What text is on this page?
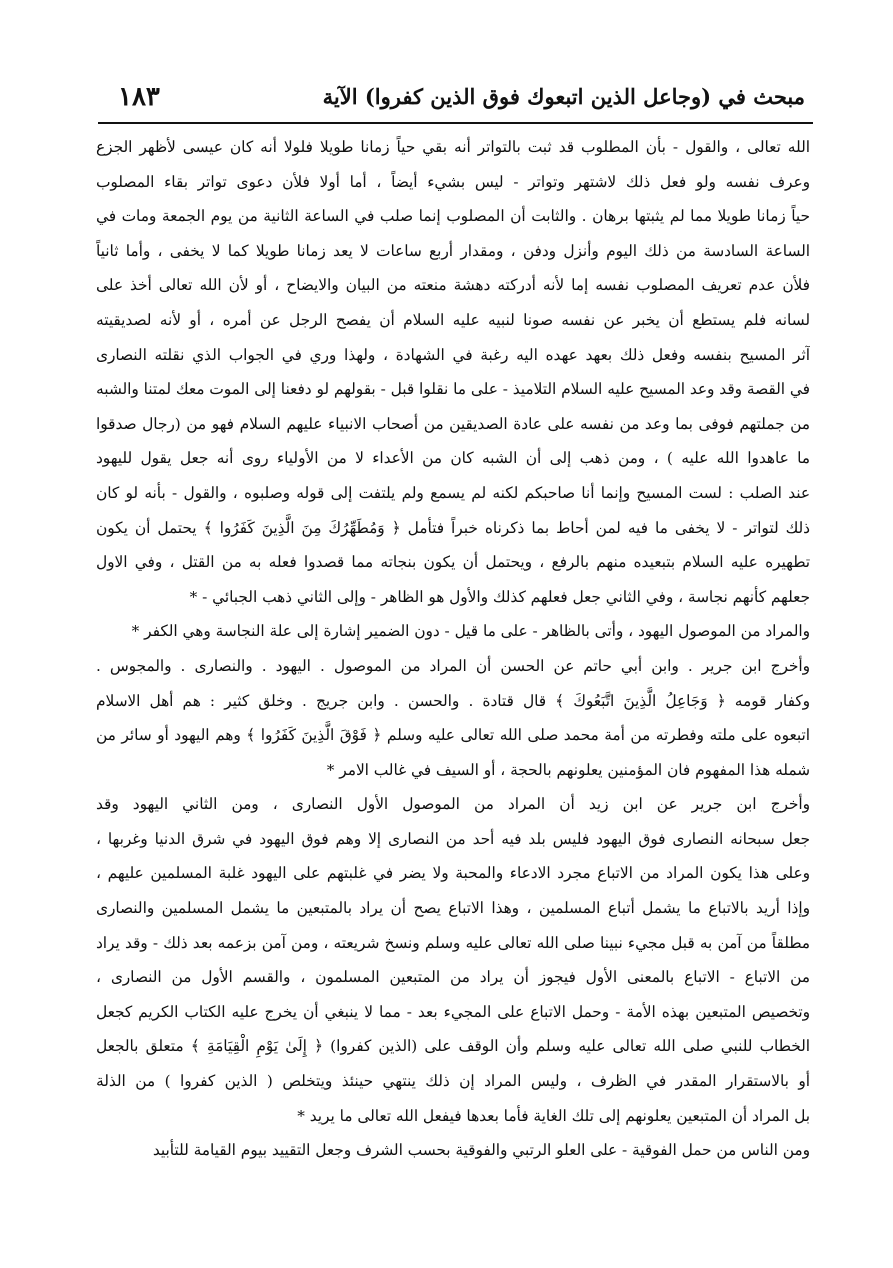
مبحث في (وجاعل الذين اتبعوك فوق الذين كفروا) الآية
١٨٣
الله تعالى ، والقول - بأن المطلوب قد ثبت بالتواتر أنه بقي حياً زمانا طويلا فلولا أنه كان عيسى لأظهر الجزع
وعرف نفسه ولو فعل ذلك لاشتهر وتواتر - ليس بشيء أيضاً ، أما أولا فلأن دعوى تواتر بقاء المصلوب
حياً زمانا طويلا مما لم يثبتها برهان . والثابت أن المصلوب إنما صلب في الساعة الثانية من يوم الجمعة ومات في
الساعة السادسة من ذلك اليوم وأنزل ودفن ، ومقدار أربع ساعات لا يعد زمانا طويلا كما لا يخفى ، وأما ثانياً
فلأن عدم تعريف المصلوب نفسه إما لأنه أدركته دهشة منعته من البيان والايضاح ، أو لأن الله تعالى أخذ على
لسانه فلم يستطع أن يخبر عن نفسه صونا لنبيه عليه السلام أن يفصح الرجل عن أمره ، أو لأنه لصديقيته
آثر المسيح بنفسه وفعل ذلك بعهد عهده اليه رغبة في الشهادة ، ولهذا وري في الجواب الذي نقلته النصارى
في القصة وقد وعد المسيح عليه السلام التلاميذ - على ما نقلوا قبل - بقولهم لو دفعنا إلى الموت معك لمتنا والشبه
من جملتهم فوفى بما وعد من نفسه على عادة الصديقين من أصحاب الانبياء عليهم السلام فهو من (رجال صدقوا
ما عاهدوا الله عليه ) ، ومن ذهب إلى أن الشبه كان من الأعداء لا من الأولياء روى أنه جعل يقول لليهود
عند الصلب : لست المسيح وإنما أنا صاحبكم لكنه لم يسمع ولم يلتفت إلى قوله وصلبوه ، والقول - بأنه لو كان
ذلك لتواتر - لا يخفى ما فيه لمن أحاط بما ذكرناه خبراً فتأمل ﴿ وَمُطَهِّرُكَ مِنَ الَّذِينَ كَفَرُوا ﴾ يحتمل أن يكون
تطهيره عليه السلام بتبعيده منهم بالرفع ، ويحتمل أن يكون بنجاته مما قصدوا فعله به من القتل ، وفي الاول
جعلهم كأنهم نجاسة ، وفي الثاني جعل فعلهم كذلك والأول هو الظاهر - وإلى الثاني ذهب الجبائي - *
والمراد من الموصول اليهود ، وأتى بالظاهر - على ما قيل - دون الضمير إشارة إلى علة النجاسة وهي الكفر *
وأخرج ابن جرير . وابن أبي حاتم عن الحسن أن المراد من الموصول . اليهود . والنصارى . والمجوس .
وكفار قومه ﴿ وَجَاعِلُ الَّذِينَ اتَّبَعُوكَ ﴾ قال قتادة . والحسن . وابن جريج . وخلق كثير : هم أهل الاسلام
اتبعوه على ملته وفطرته من أمة محمد صلى الله تعالى عليه وسلم ﴿ فَوْقَ الَّذِينَ كَفَرُوا ﴾ وهم اليهود أو سائر من
شمله هذا المفهوم فان المؤمنين يعلونهم بالحجة ، أو السيف في غالب الامر *
وأخرج ابن جرير عن ابن زيد أن المراد من الموصول الأول النصارى ، ومن الثاني اليهود وقد
جعل سبحانه النصارى فوق اليهود فليس بلد فيه أحد من النصارى إلا وهم فوق اليهود في شرق الدنيا وغربها ،
وعلى هذا يكون المراد من الاتباع مجرد الادعاء والمحبة ولا يضر في غلبتهم على اليهود غلبة المسلمين عليهم ،
وإذا أريد بالاتباع ما يشمل أتباع المسلمين ، وهذا الاتباع يصح أن يراد بالمتبعين ما يشمل المسلمين والنصارى
مطلقاً من آمن به قبل مجيء نبينا صلى الله تعالى عليه وسلم ونسخ شريعته ، ومن آمن بزعمه بعد ذلك - وقد يراد
من الاتباع - الاتباع بالمعنى الأول فيجوز أن يراد من المتبعين المسلمون ، والقسم الأول من النصارى ،
وتخصيص المتبعين بهذه الأمة - وحمل الاتباع على المجيء بعد - مما لا ينبغي أن يخرج عليه الكتاب الكريم كجعل
الخطاب للنبي صلى الله تعالى عليه وسلم وأن الوقف على (الذين كفروا) ﴿ إِلَىٰ يَوْمِ الْقِيَامَةِ ﴾ متعلق بالجعل
أو بالاستقرار المقدر في الظرف ، وليس المراد إن ذلك ينتهي حينئذ ويتخلص ( الذين كفروا ) من الذلة
بل المراد أن المتبعين يعلونهم إلى تلك الغاية فأما بعدها فيفعل الله تعالى ما يريد *
ومن الناس من حمل الفوقية - على العلو الرتبي والفوقية بحسب الشرف وجعل التقييد بيوم القيامة للتأبيد
